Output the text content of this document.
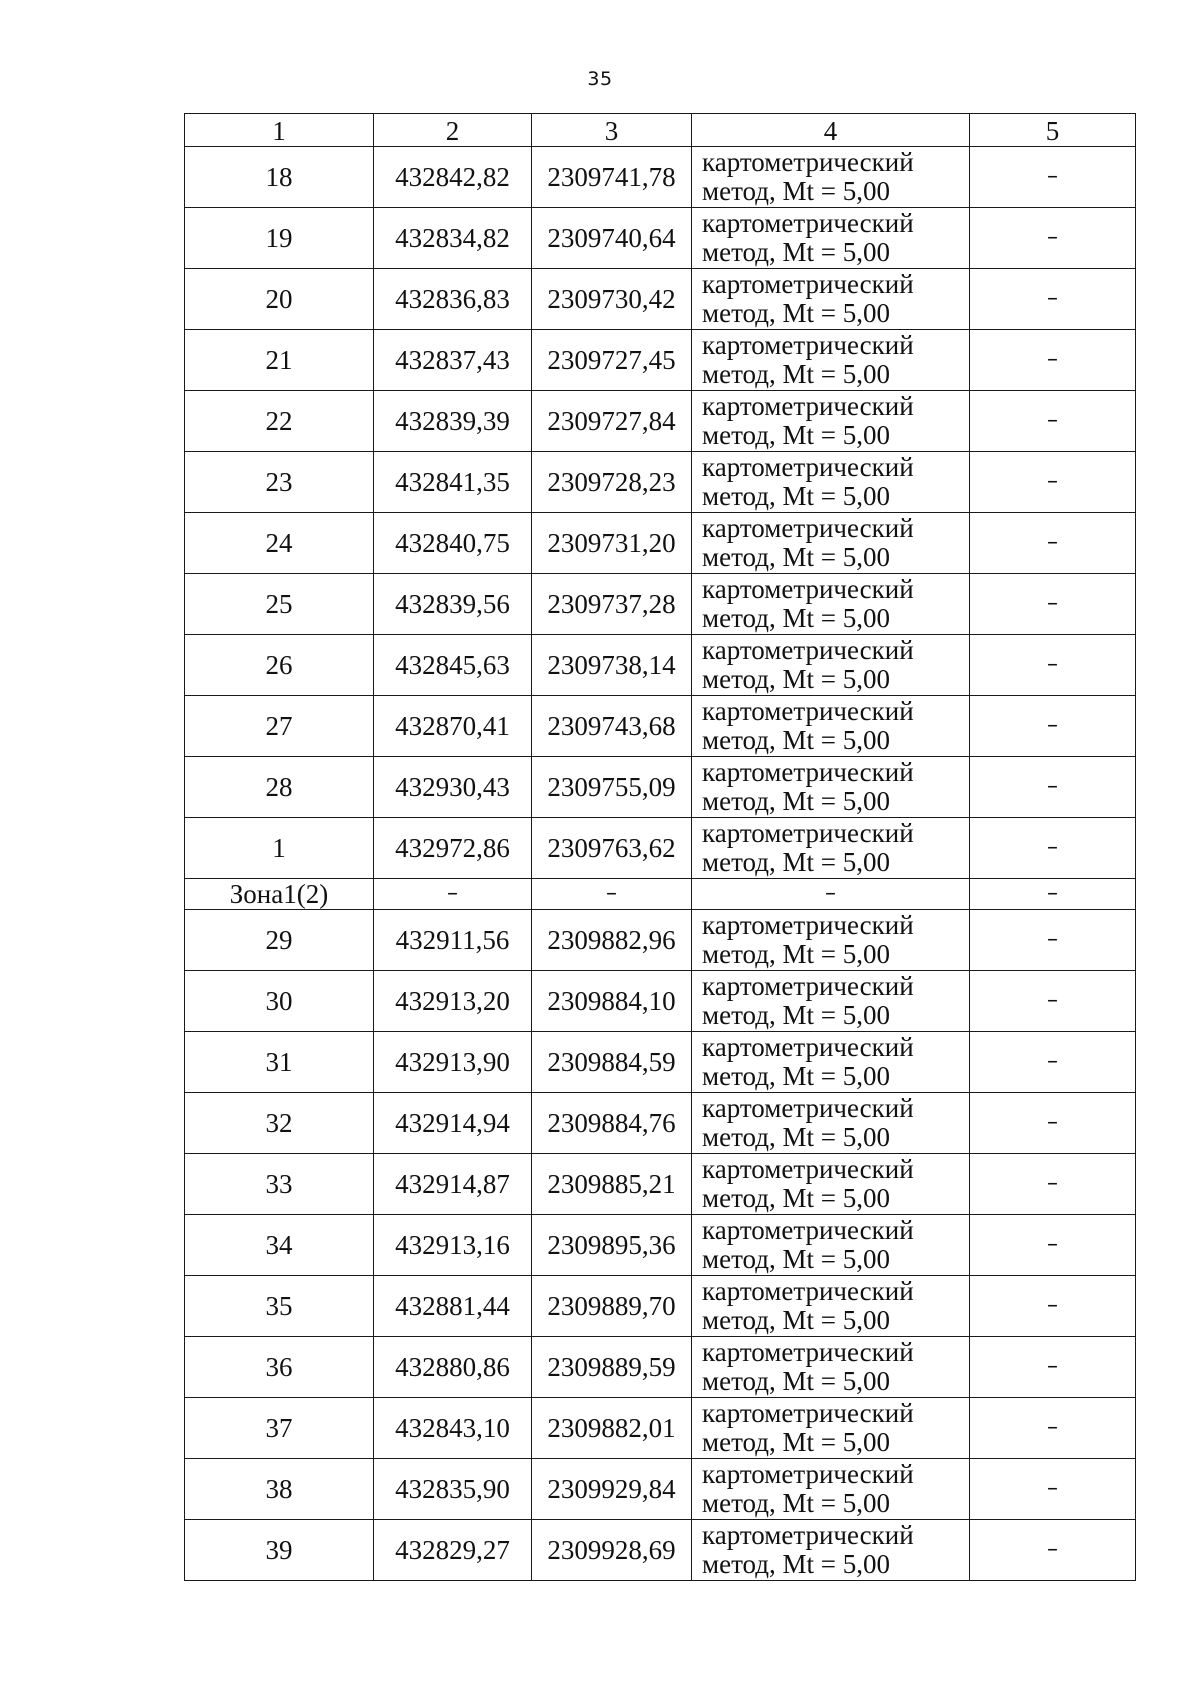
35
1	2	3	4	5
18	432842,82	2309741,78	картометрический
метод, Mt = 5,00	–
19	432834,82	2309740,64	картометрический
метод, Mt = 5,00	–
20	432836,83	2309730,42	картометрический
метод, Mt = 5,00	–
21	432837,43	2309727,45	картометрический
метод, Mt = 5,00	–
22	432839,39	2309727,84	картометрический
метод, Mt = 5,00	–
23	432841,35	2309728,23	картометрический
метод, Mt = 5,00	–
24	432840,75	2309731,20	картометрический
метод, Mt = 5,00	–
25	432839,56	2309737,28	картометрический
метод, Mt = 5,00	–
26	432845,63	2309738,14	картометрический
метод, Mt = 5,00	–
27	432870,41	2309743,68	картометрический
метод, Mt = 5,00	–
28	432930,43	2309755,09	картометрический
метод, Mt = 5,00	–
1	432972,86	2309763,62	картометрический
метод, Mt = 5,00	–
Зона1(2)	–	–	–	–
29	432911,56	2309882,96	картометрический
метод, Mt = 5,00	–
30	432913,20	2309884,10	картометрический
метод, Mt = 5,00	–
31	432913,90	2309884,59	картометрический
метод, Mt = 5,00	–
32	432914,94	2309884,76	картометрический
метод, Mt = 5,00	–
33	432914,87	2309885,21	картометрический
метод, Mt = 5,00	–
34	432913,16	2309895,36	картометрический
метод, Mt = 5,00	–
35	432881,44	2309889,70	картометрический
метод, Mt = 5,00	–
36	432880,86	2309889,59	картометрический
метод, Mt = 5,00	–
37	432843,10	2309882,01	картометрический
метод, Mt = 5,00	–
38	432835,90	2309929,84	картометрический
метод, Mt = 5,00	–
39	432829,27	2309928,69	картометрический
метод, Mt = 5,00	–
